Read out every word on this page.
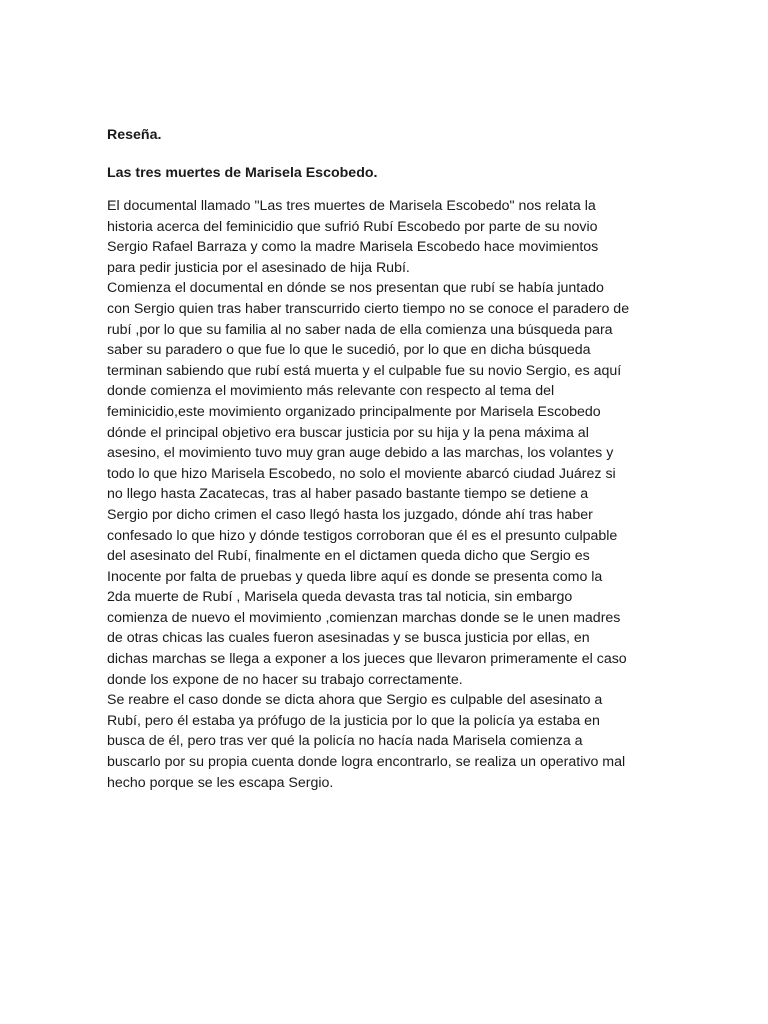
Reseña.

Las tres muertes de Marisela Escobedo.

El documental llamado "Las tres muertes de Marisela Escobedo" nos relata la
historia acerca del feminicidio que sufrió Rubí Escobedo por parte de su novio
Sergio Rafael Barraza y como la madre Marisela Escobedo hace movimientos
para pedir justicia por el asesinado de hija Rubí.
Comienza el documental en dónde se nos presentan que rubí se había juntado
con Sergio quien tras haber transcurrido cierto tiempo no se conoce el paradero de
rubí ,por lo que su familia al no saber nada de ella comienza una búsqueda para
saber su paradero o que fue lo que le sucedió, por lo que en dicha búsqueda
terminan sabiendo que rubí está muerta y el culpable fue su novio Sergio, es aquí
donde comienza el movimiento más relevante con respecto al tema del
feminicidio,este movimiento organizado principalmente por Marisela Escobedo
dónde el principal objetivo era buscar justicia por su hija y la pena máxima al
asesino, el movimiento tuvo muy gran auge debido a las marchas, los volantes y
todo lo que hizo Marisela Escobedo, no solo el moviente abarcó ciudad Juárez si
no llego hasta Zacatecas, tras al haber pasado bastante tiempo se detiene a
Sergio por dicho crimen el caso llegó hasta los juzgado, dónde ahí tras haber
confesado lo que hizo y dónde testigos corroboran que él es el presunto culpable
del asesinato del Rubí, finalmente en el dictamen queda dicho que Sergio es
Inocente por falta de pruebas y queda libre aquí es donde se presenta como la
2da muerte de Rubí , Marisela queda devasta tras tal noticia, sin embargo
comienza de nuevo el movimiento ,comienzan marchas donde se le unen madres
de otras chicas las cuales fueron asesinadas y se busca justicia por ellas, en
dichas marchas se llega a exponer a los jueces que llevaron primeramente el caso
donde los expone de no hacer su trabajo correctamente.
Se reabre el caso donde se dicta ahora que Sergio es culpable del asesinato a
Rubí, pero él estaba ya prófugo de la justicia por lo que la policía ya estaba en
busca de él, pero tras ver qué la policía no hacía nada Marisela comienza a
buscarlo por su propia cuenta donde logra encontrarlo, se realiza un operativo mal
hecho porque se les escapa Sergio.
